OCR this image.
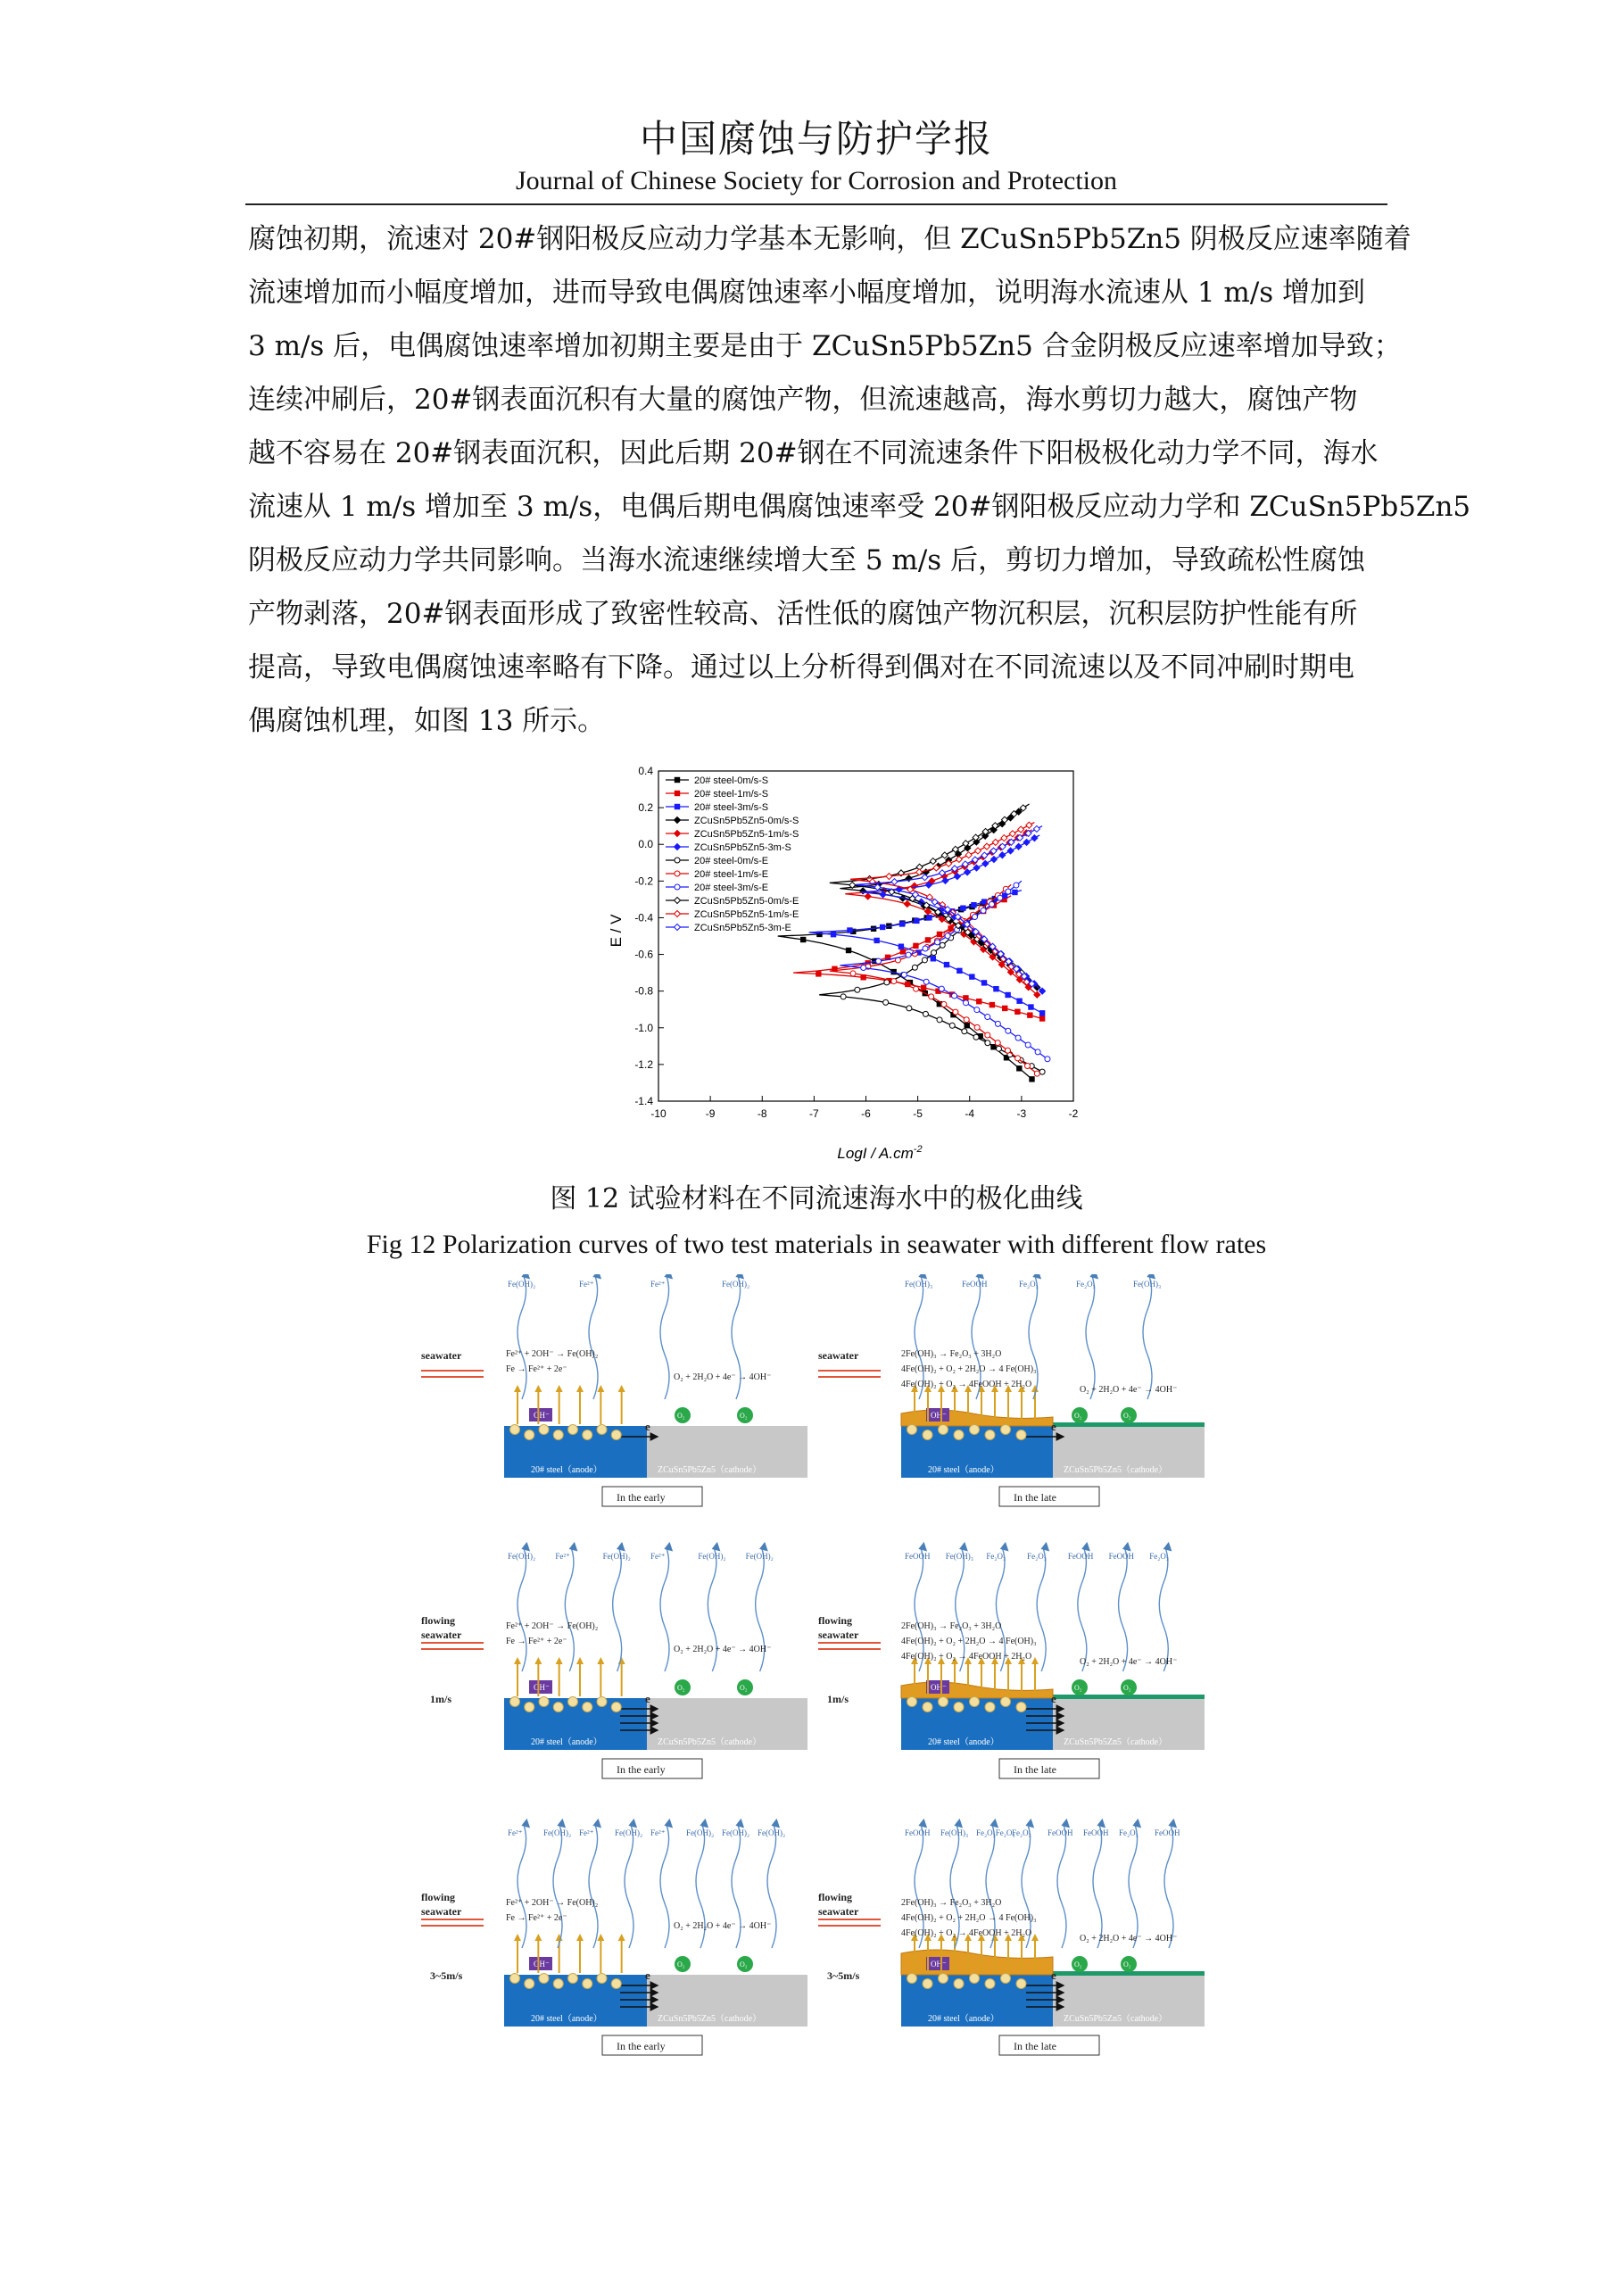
中国腐蚀与防护学报
Journal of Chinese Society for Corrosion and Protection
腐蚀初期，流速对 20#钢阳极反应动力学基本无影响，但 ZCuSn5Pb5Zn5 阴极反应速率随着
流速增加而小幅度增加，进而导致电偶腐蚀速率小幅度增加，说明海水流速从 1 m/s 增加到
3 m/s 后，电偶腐蚀速率增加初期主要是由于 ZCuSn5Pb5Zn5 合金阴极反应速率增加导致；
连续冲刷后，20#钢表面沉积有大量的腐蚀产物，但流速越高，海水剪切力越大，腐蚀产物
越不容易在 20#钢表面沉积，因此后期 20#钢在不同流速条件下阳极极化动力学不同，海水
流速从 1 m/s 增加至 3 m/s，电偶后期电偶腐蚀速率受 20#钢阳极反应动力学和 ZCuSn5Pb5Zn5
阴极反应动力学共同影响。当海水流速继续增大至 5 m/s 后，剪切力增加，导致疏松性腐蚀
产物剥落，20#钢表面形成了致密性较高、活性低的腐蚀产物沉积层，沉积层防护性能有所
提高，导致电偶腐蚀速率略有下降。通过以上分析得到偶对在不同流速以及不同冲刷时期电
偶腐蚀机理，如图 13 所示。
-10	-9	-8	-7	-6	-5	-4	-3	-2
0.4
0.2
0.0
-0.2
-0.4
-0.6
-0.8
-1.0
-1.2
-1.4
20# steel-0m/s-S
20# steel-1m/s-S
20# steel-3m/s-S
ZCuSn5Pb5Zn5-0m/s-S
ZCuSn5Pb5Zn5-1m/s-S
ZCuSn5Pb5Zn5-3m-S
20# steel-0m/s-E
20# steel-1m/s-E
20# steel-3m/s-E
ZCuSn5Pb5Zn5-0m/s-E
ZCuSn5Pb5Zn5-1m/s-E
ZCuSn5Pb5Zn5-3m-E
LogI / $A.cm^{-2}$
E / V
图 12 试验材料在不同流速海水中的极化曲线
Fig 12 Polarization curves of two test materials in seawater with different flow rates
seawater
20# steel（anode）	ZCuSn5Pb5Zn5（cathode）
OH⁻
e
O₂	O₂
Fe(OH)₂	Fe²⁺	Fe²⁺	Fe(OH)₂
Fe²⁺ + 2OH⁻ → Fe(OH)₂
Fe → Fe²⁺ + 2e⁻
O₂ + 2H₂O + 4e⁻ → 4OH⁻
In the early
seawater
20# steel（anode）	ZCuSn5Pb5Zn5（cathode）
OH⁻
e
O₂	O₂
Fe(OH)₃	FeOOH	Fe₂O₃	Fe₂O₃	Fe(OH)₃
2Fe(OH)₃ → Fe₂O₃ + 3H₂O
4Fe(OH)₂ + O₂ + 2H₂O → 4 Fe(OH)₃
4Fe(OH)₂ + O₂ → 4FeOOH + 2H₂O
O₂ + 2H₂O + 4e⁻ → 4OH⁻
In the late
flowing
seawater
1m/s
20# steel（anode）	ZCuSn5Pb5Zn5（cathode）
OH⁻
e
O₂	O₂
Fe(OH)₂ Fe²⁺	Fe(OH)₂ Fe²⁺	Fe(OH)₂ Fe(OH)₂
Fe²⁺ + 2OH⁻ → Fe(OH)₂
Fe → Fe²⁺ + 2e⁻
O₂ + 2H₂O + 4e⁻ → 4OH⁻
In the early
flowing
seawater
1m/s
20# steel（anode）	ZCuSn5Pb5Zn5（cathode）
OH⁻
e
O₂	O₂
FeOOH Fe(OH)₃ Fe₂O₃	Fe₂O₃	FeOOH FeOOH Fe₂O₃
2Fe(OH)₃ → Fe₂O₃ + 3H₂O
4Fe(OH)₂ + O₂ + 2H₂O → 4 Fe(OH)₃
4Fe(OH)₂ + O₂ → 4FeOOH + 2H₂O
O₂ + 2H₂O + 4e⁻ → 4OH⁻
In the late
flowing
seawater
3~5m/s
20# steel（anode）	ZCuSn5Pb5Zn5（cathode）
OH⁻
e
O₂	O₂
Fe²⁺	Fe(OH)₂ Fe²⁺	Fe(OH)₂ Fe²⁺	Fe(OH)₂ Fe(OH)₂ Fe(OH)₂
Fe²⁺ + 2OH⁻ → Fe(OH)₂
Fe → Fe²⁺ + 2e⁻
O₂ + 2H₂O + 4e⁻ → 4OH⁻
In the early
flowing
seawater
3~5m/s
20# steel（anode）	ZCuSn5Pb5Zn5（cathode）
OH⁻
e
O₂	O₂
FeOOH Fe(OH)₃ Fe₂O₃Fe₂O₃
Fe₂O₃ FeOOH FeOOH Fe₂O₃ FeOOH
2Fe(OH)₃ → Fe₂O₃ + 3H₂O
4Fe(OH)₂ + O₂ + 2H₂O → 4 Fe(OH)₃
4Fe(OH)₂ + O₂ → 4FeOOH + 2H₂O
O₂ + 2H₂O + 4e⁻ → 4OH⁻
In the late
